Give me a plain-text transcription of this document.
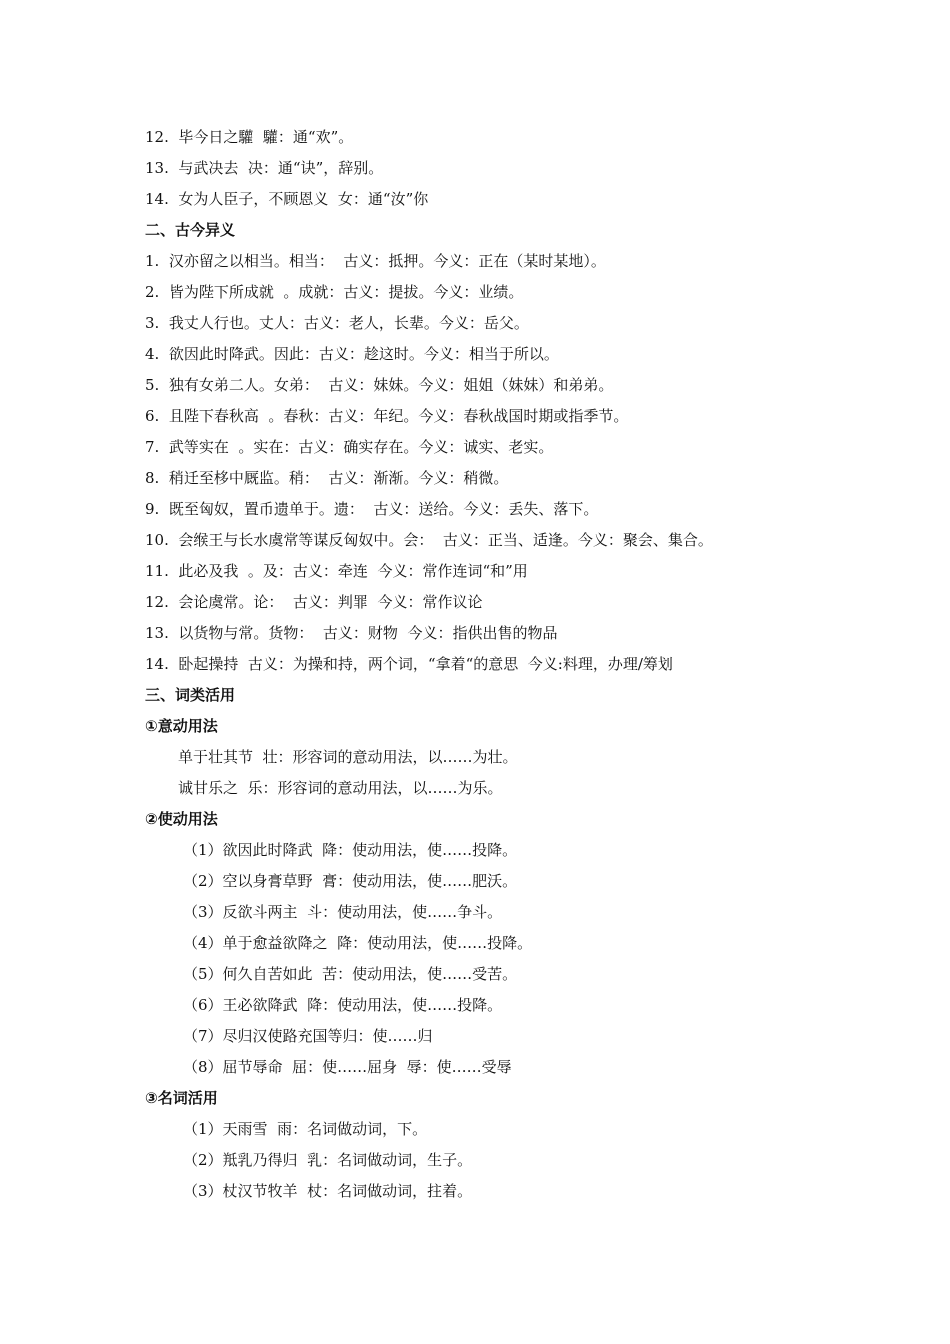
12.  毕今日之驩  驩：通“欢”。
13.  与武决去  决：通“诀”，辞别。
14.  女为人臣子，不顾恩义  女：通“汝”你
二、古今异义
1.  汉亦留之以相当。相当：  古义：抵押。今义：正在（某时某地）。
2.  皆为陛下所成就  。成就：古义：提拔。今义：业绩。
3.  我丈人行也。丈人：古义：老人，长辈。今义：岳父。
4.  欲因此时降武。因此：古义：趁这时。今义：相当于所以。
5.  独有女弟二人。女弟：  古义：妹妹。今义：姐姐（妹妹）和弟弟。
6.  且陛下春秋高  。春秋：古义：年纪。今义：春秋战国时期或指季节。
7.  武等实在  。实在：古义：确实存在。今义：诚实、老实。
8.  稍迁至栘中厩监。稍：  古义：渐渐。今义：稍微。
9.  既至匈奴，置币遗单于。遗：  古义：送给。今义：丢失、落下。
10.  会缑王与长水虞常等谋反匈奴中。会：  古义：正当、适逢。今义：聚会、集合。
11.  此必及我  。及：古义：牵连  今义：常作连词“和”用
12.  会论虞常。论：  古义：判罪  今义：常作议论
13.  以货物与常。货物：  古义：财物  今义：指供出售的物品
14.  卧起操持  古义：为操和持，两个词，“拿着“的意思  今义:料理，办理/筹划
三、词类活用
①意动用法
单于壮其节  壮：形容词的意动用法，以……为壮。
诚甘乐之  乐：形容词的意动用法，以……为乐。
②使动用法
（1）欲因此时降武  降：使动用法，使……投降。
（2）空以身膏草野  膏：使动用法，使……肥沃。
（3）反欲斗两主  斗：使动用法，使……争斗。
（4）单于愈益欲降之  降：使动用法，使……投降。
（5）何久自苦如此  苦：使动用法，使……受苦。
（6）王必欲降武  降：使动用法，使……投降。
（7）尽归汉使路充国等归：使……归
（8）屈节辱命  屈：使……屈身  辱：使……受辱
③名词活用
（1）天雨雪  雨：名词做动词，下。
（2）羝乳乃得归  乳：名词做动词，生子。
（3）杖汉节牧羊  杖：名词做动词，拄着。
